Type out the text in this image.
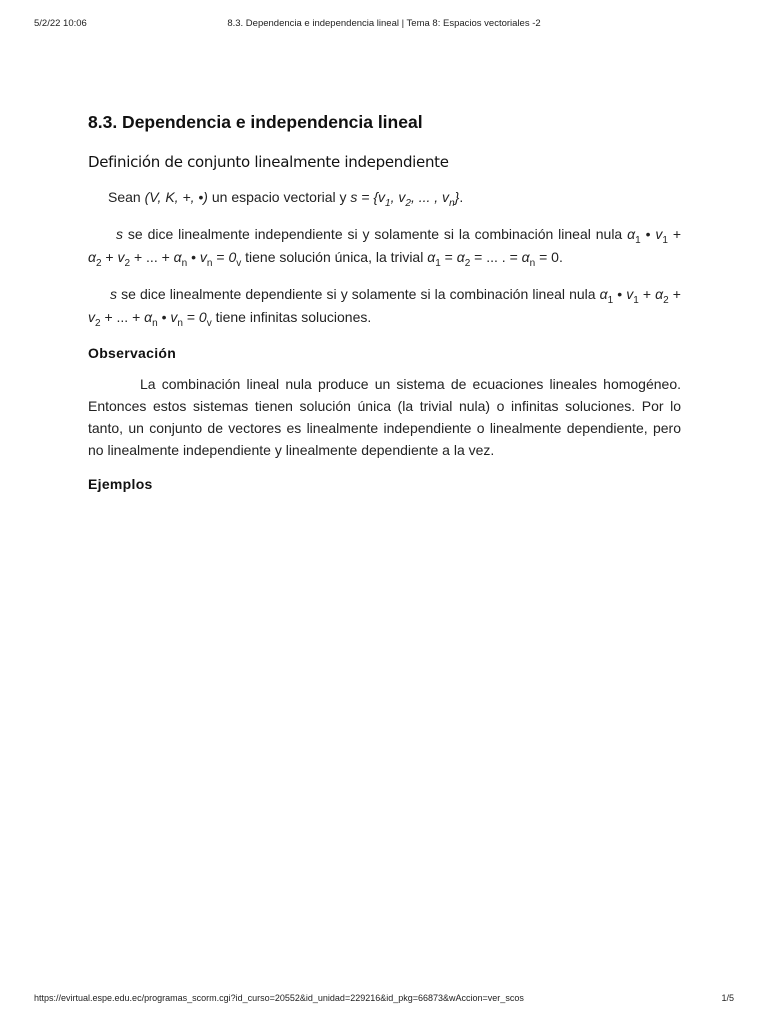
5/2/22 10:06	8.3. Dependencia e independencia lineal | Tema 8: Espacios vectoriales -2
8.3. Dependencia e independencia lineal
Definición de conjunto linealmente independiente

Sean (V, K, +, •) un espacio vectorial y $s = \{v_1$, $v_2$, ... , $v_n$}.

s se dice linealmente independiente si y solamente si la combinación lineal nula $\alpha_1$ • $v_1 + \alpha_2 + v_2$ + ... + $\alpha_n$ • $v_n = 0_v$ tiene solución única, la trivial $\alpha_1 = \alpha_2$ = ... . = $\alpha_n = 0$.

s se dice linealmente dependiente si y solamente si la combinación lineal nula $\alpha_1$ • $v_1 + \alpha_2 + v_2$ + ... + $\alpha_n$ • $v_n = 0_v$ tiene infinitas soluciones.

Observación

La combinación lineal nula produce un sistema de ecuaciones lineales homogéneo. Entonces estos sistemas tienen solución única (la trivial nula) o infinitas soluciones. Por lo tanto, un conjunto de vectores es linealmente independiente o linealmente dependiente, pero no linealmente independiente y linealmente dependiente a la vez.

Ejemplos
https://evirtual.espe.edu.ec/programas_scorm.cgi?id_curso=20552&id_unidad=229216&id_pkg=66873&wAccion=ver_scos	1/5
